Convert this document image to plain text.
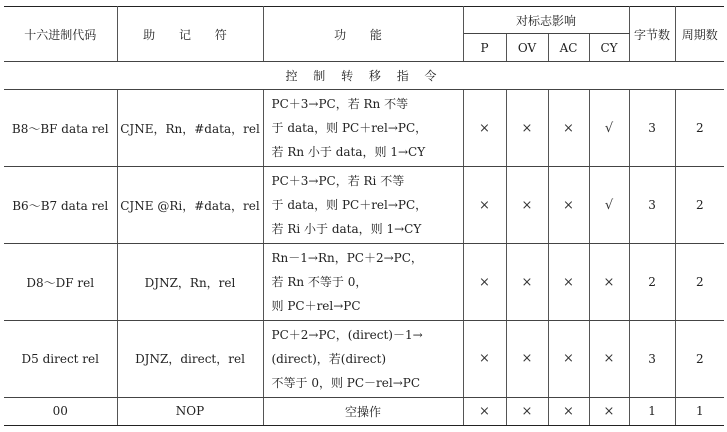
十六进制代码	助 记 符	功 能	对标志影响				字节数	周期数
			P	OV	AC	CY		
控 制 转 移 指 令								
B8～BF data rel	CJNE，Rn，#data，rel	PC＋3→PC，若 Rn 不等
于 data，则 PC＋rel→PC，
若 Rn 小于 data，则 1→CY	×	×	×	√	3	2
B6～B7 data rel	CJNE @Ri，#data，rel	PC＋3→PC，若 Ri 不等
于 data，则 PC＋rel→PC，
若 Ri 小于 data，则 1→CY	×	×	×	√	3	2
D8～DF rel	DJNZ，Rn，rel	Rn－1→Rn，PC＋2→PC，
若 Rn 不等于 0，
则 PC＋rel→PC	×	×	×	×	2	2
D5 direct rel	DJNZ，direct，rel	PC＋2→PC，(direct)－1→
(direct)，若(direct)
不等于 0，则 PC－rel→PC	×	×	×	×	3	2
00	NOP	空操作	×	×	×	×	1	1
